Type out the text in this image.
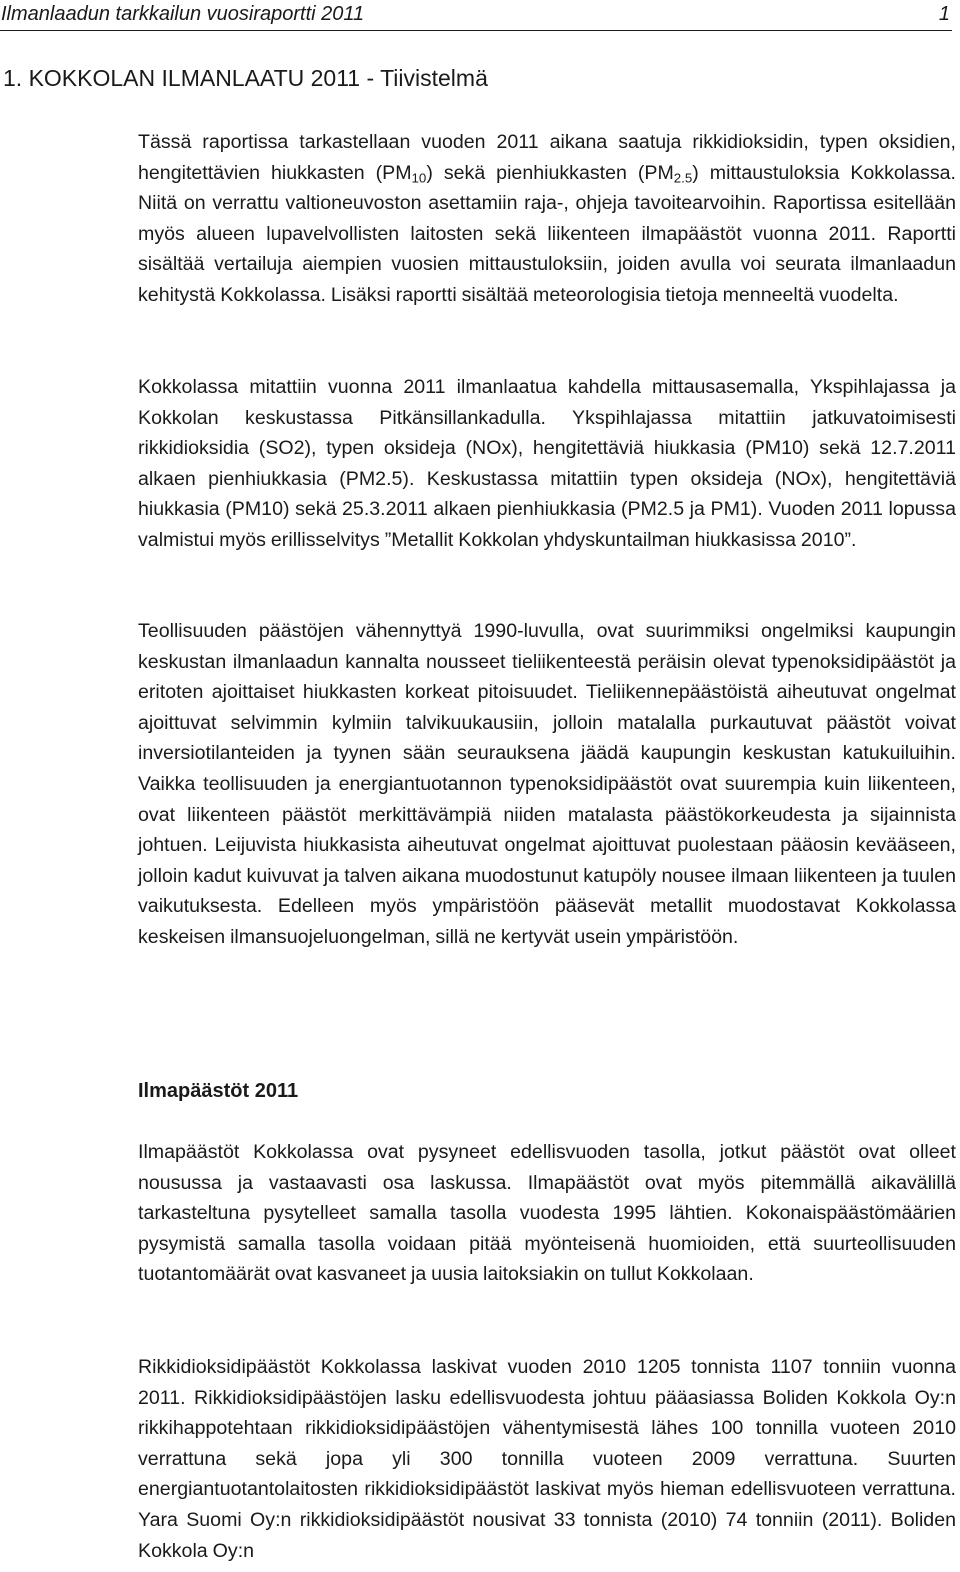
Ilmanlaadun tarkkailun vuosiraportti 2011	1
1. KOKKOLAN ILMANLAATU 2011 - Tiivistelmä

Tässä raportissa tarkastellaan vuoden 2011 aikana saatuja rikkidioksidin, typen oksidien, hengitettävien hiukkasten $(PM_{10})$ sekä pienhiukkasten $(PM_{2.5})$ mittaustuloksia Kokkolassa. Niitä on verrattu valtioneuvoston asettamiin raja-, ohjeja tavoitearvoihin. Raportissa esitellään myös alueen lupavelvollisten laitosten sekä liikenteen ilmapäästöt vuonna 2011. Raportti sisältää vertailuja aiempien vuosien mittaustuloksiin, joiden avulla voi seurata ilmanlaadun kehitystä Kokkolassa. Lisäksi raportti sisältää meteorologisia tietoja menneeltä vuodelta.

Kokkolassa mitattiin vuonna 2011 ilmanlaatua kahdella mittausasemalla, Ykspihlajassa ja Kokkolan keskustassa Pitkänsillankadulla. Ykspihlajassa mitattiin jatkuvatoimisesti rikkidioksidia (SO2), typen oksideja (NOx), hengitettäviä hiukkasia (PM10) sekä 12.7.2011 alkaen pienhiukkasia (PM2.5). Keskustassa mitattiin typen oksideja (NOx), hengitettäviä hiukkasia (PM10) sekä 25.3.2011 alkaen pienhiukkasia (PM2.5 ja PM1). Vuoden 2011 lopussa valmistui myös erillisselvitys ”Metallit Kokkolan yhdyskuntailman hiukkasissa 2010”.

Teollisuuden päästöjen vähennyttyä 1990-luvulla, ovat suurimmiksi ongelmiksi kaupungin keskustan ilmanlaadun kannalta nousseet tieliikenteestä peräisin olevat typenoksidipäästöt ja eritoten ajoittaiset hiukkasten korkeat pitoisuudet. Tieliikennepäästöistä aiheutuvat ongelmat ajoittuvat selvimmin kylmiin talvikuukausiin, jolloin matalalla purkautuvat päästöt voivat inversiotilanteiden ja tyynen sään seurauksena jäädä kaupungin keskustan katukuiluihin. Vaikka teollisuuden ja energiantuotannon typenoksidipäästöt ovat suurempia kuin liikenteen, ovat liikenteen päästöt merkittävämpiä niiden matalasta päästökorkeudesta ja sijainnista johtuen. Leijuvista hiukkasista aiheutuvat ongelmat ajoittuvat puolestaan pääosin kevääseen, jolloin kadut kuivuvat ja talven aikana muodostunut katupöly nousee ilmaan liikenteen ja tuulen vaikutuksesta. Edelleen myös ympäristöön pääsevät metallit muodostavat Kokkolassa keskeisen ilmansuojeluongelman, sillä ne kertyvät usein ympäristöön.

Ilmapäästöt 2011

Ilmapäästöt Kokkolassa ovat pysyneet edellisvuoden tasolla, jotkut päästöt ovat olleet nousussa ja vastaavasti osa laskussa. Ilmapäästöt ovat myös pitemmällä aikavälillä tarkasteltuna pysytelleet samalla tasolla vuodesta 1995 lähtien. Kokonaispäästömäärien pysymistä samalla tasolla voidaan pitää myönteisenä huomioiden, että suurteollisuuden tuotantomäärät ovat kasvaneet ja uusia laitoksiakin on tullut Kokkolaan.

Rikkidioksidipäästöt Kokkolassa laskivat vuoden 2010 1205 tonnista 1107 tonniin vuonna 2011. Rikkidioksidipäästöjen lasku edellisvuodesta johtuu pääasiassa Boliden Kokkola Oy:n rikkihappotehtaan rikkidioksidipäästöjen vähentymisestä lähes 100 tonnilla vuoteen 2010 verrattuna sekä jopa yli 300 tonnilla vuoteen 2009 verrattuna. Suurten energiantuotantolaitosten rikkidioksidipäästöt laskivat myös hieman edellisvuoteen verrattuna. Yara Suomi Oy:n rikkidioksidipäästöt nousivat 33 tonnista (2010) 74 tonniin (2011). Boliden Kokkola Oy:n
